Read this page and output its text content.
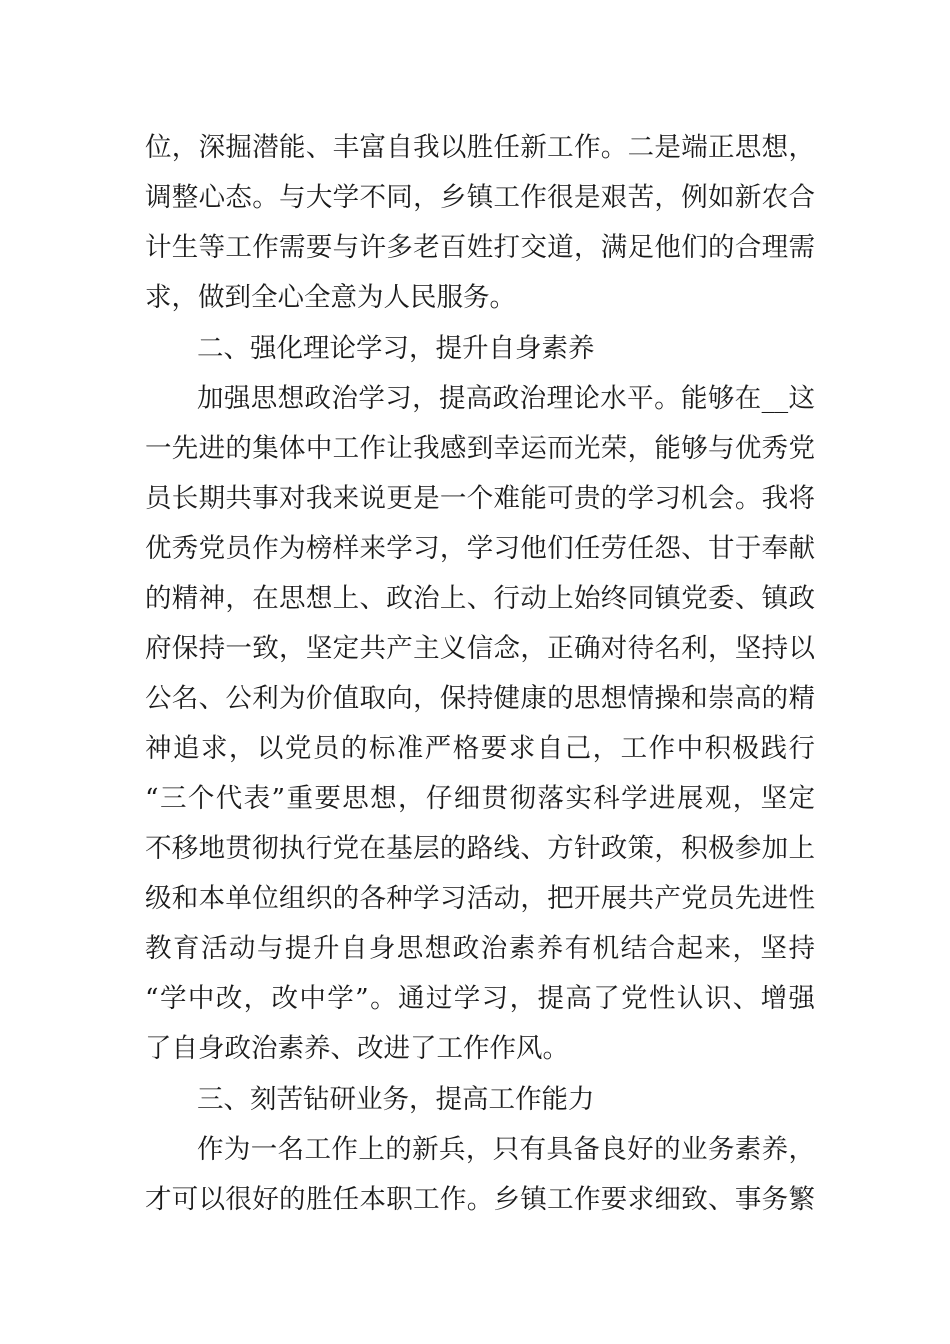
位，深掘潜能、丰富自我以胜任新工作。二是端正思想，
调整心态。与大学不同，乡镇工作很是艰苦，例如新农合
计生等工作需要与许多老百姓打交道，满足他们的合理需
求，做到全心全意为人民服务。
二、强化理论学习，提升自身素养
加强思想政治学习，提高政治理论水平。能够在__这
一先进的集体中工作让我感到幸运而光荣，能够与优秀党
员长期共事对我来说更是一个难能可贵的学习机会。我将
优秀党员作为榜样来学习，学习他们任劳任怨、甘于奉献
的精神，在思想上、政治上、行动上始终同镇党委、镇政
府保持一致，坚定共产主义信念，正确对待名利，坚持以
公名、公利为价值取向，保持健康的思想情操和崇高的精
神追求，以党员的标准严格要求自己，工作中积极践行
“三个代表”重要思想，仔细贯彻落实科学进展观，坚定
不移地贯彻执行党在基层的路线、方针政策，积极参加上
级和本单位组织的各种学习活动，把开展共产党员先进性
教育活动与提升自身思想政治素养有机结合起来，坚持
“学中改，改中学”。通过学习，提高了党性认识、增强
了自身政治素养、改进了工作作风。
三、刻苦钻研业务，提高工作能力
作为一名工作上的新兵，只有具备良好的业务素养，
才可以很好的胜任本职工作。乡镇工作要求细致、事务繁
